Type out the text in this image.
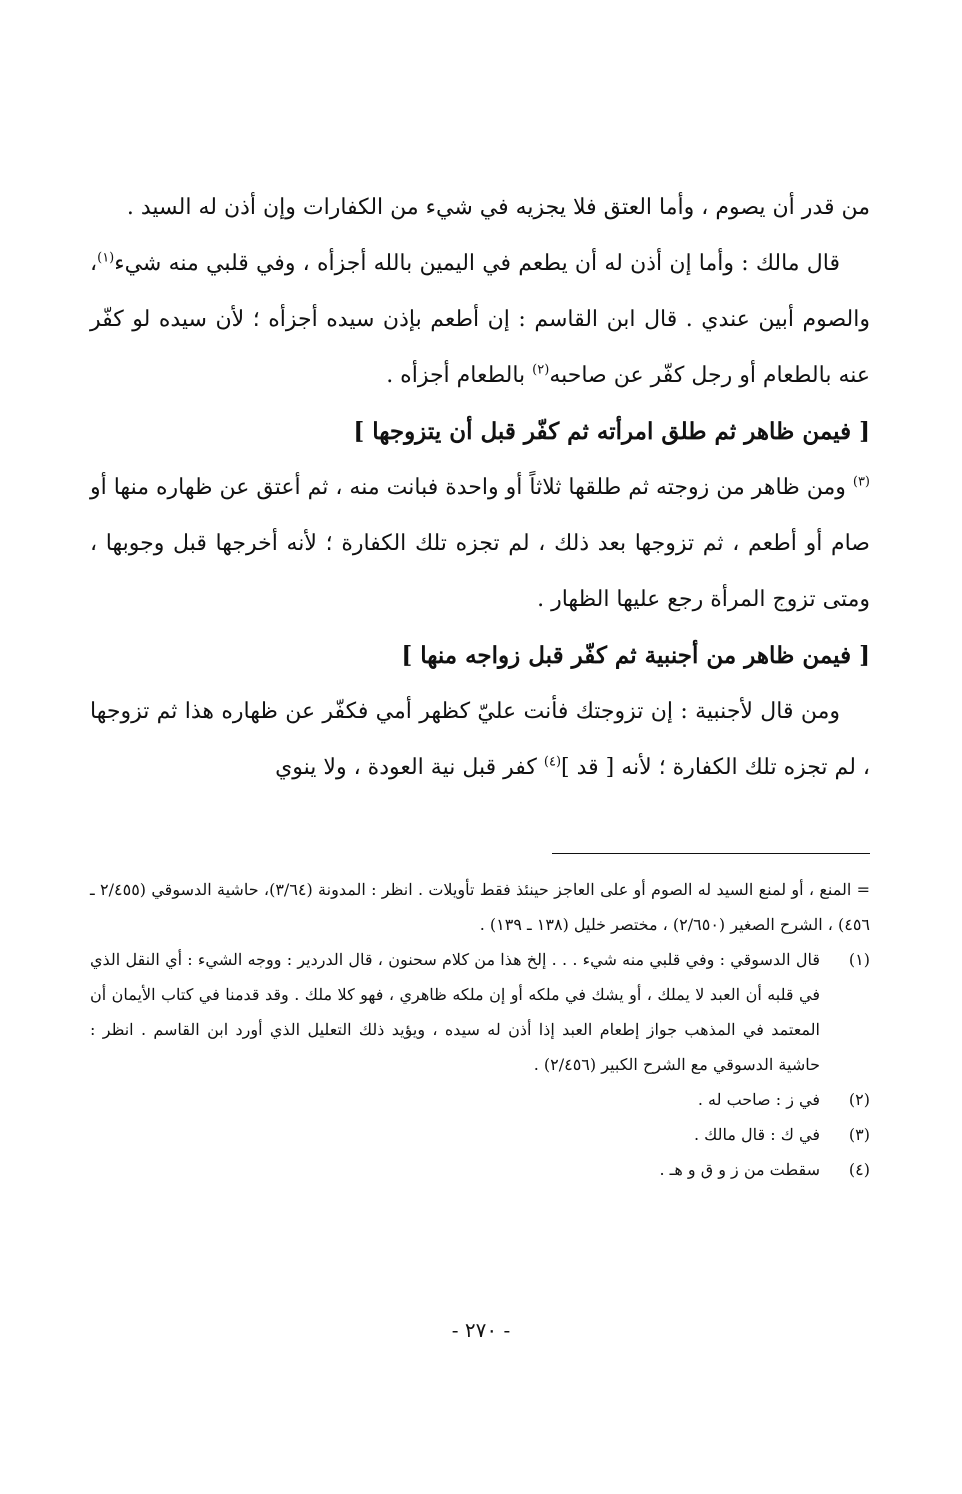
من قدر أن يصوم ، وأما العتق فلا يجزيه في شيء من الكفارات وإن أذن له السيد .

قال مالك : وأما إن أذن له أن يطعم في اليمين بالله أجزأه ، وفي قلبي منه شيء$^{(١)}$، والصوم أبين عندي . قال ابن القاسم : إن أطعم بإذن سيده أجزأه ؛ لأن سيده لو كفّر عنه بالطعام أو رجل كفّر عن صاحبه$^{(٢)}$ بالطعام أجزأه .

[ فيمن ظاهر ثم طلق امرأته ثم كفّر قبل أن يتزوجها ]

$^{(٣)}$ ومن ظاهر من زوجته ثم طلقها ثلاثاً أو واحدة فبانت منه ، ثم أعتق عن ظهاره منها أو صام أو أطعم ، ثم تزوجها بعد ذلك ، لم تجزه تلك الكفارة ؛ لأنه أخرجها قبل وجوبها ، ومتى تزوج المرأة رجع عليها الظهار .

[ فيمن ظاهر من أجنبية ثم كفّر قبل زواجه منها ]

ومن قال لأجنبية : إن تزوجتك فأنت عليّ كظهر أمي فكفّر عن ظهاره هذا ثم تزوجها ، لم تجزه تلك الكفارة ؛ لأنه [ قد ]$^{(٤)}$ كفر قبل نية العودة ، ولا ينوي

= المنع ، أو لمنع السيد له الصوم أو على العاجز حينئذ فقط تأويلات . انظر : المدونة (٣/٦٤)، حاشية الدسوقي (٢/٤٥٥ ـ ٤٥٦) ، الشرح الصغير (٢/٦٥٠) ، مختصر خليل (١٣٨ ـ ١٣٩) .

(١)
قال الدسوقي : وفي قلبي منه شيء . . . إلخ هذا من كلام سحنون ، قال الدردير : ووجه الشيء : أي النقل الذي في قلبه أن العبد لا يملك ، أو يشك في ملكه أو إن ملكه ظاهري ، فهو كلا ملك . وقد قدمنا في كتاب الأيمان أن المعتمد في المذهب جواز إطعام العبد إذا أذن له سيده ، ويؤيد ذلك التعليل الذي أورد ابن القاسم . انظر : حاشية الدسوقي مع الشرح الكبير (٢/٤٥٦) .

(٢)
في ز : صاحب له .

(٣)
في ك : قال مالك .

(٤)
سقطت من ز و ق و هـ .

- ٢٧٠ -
